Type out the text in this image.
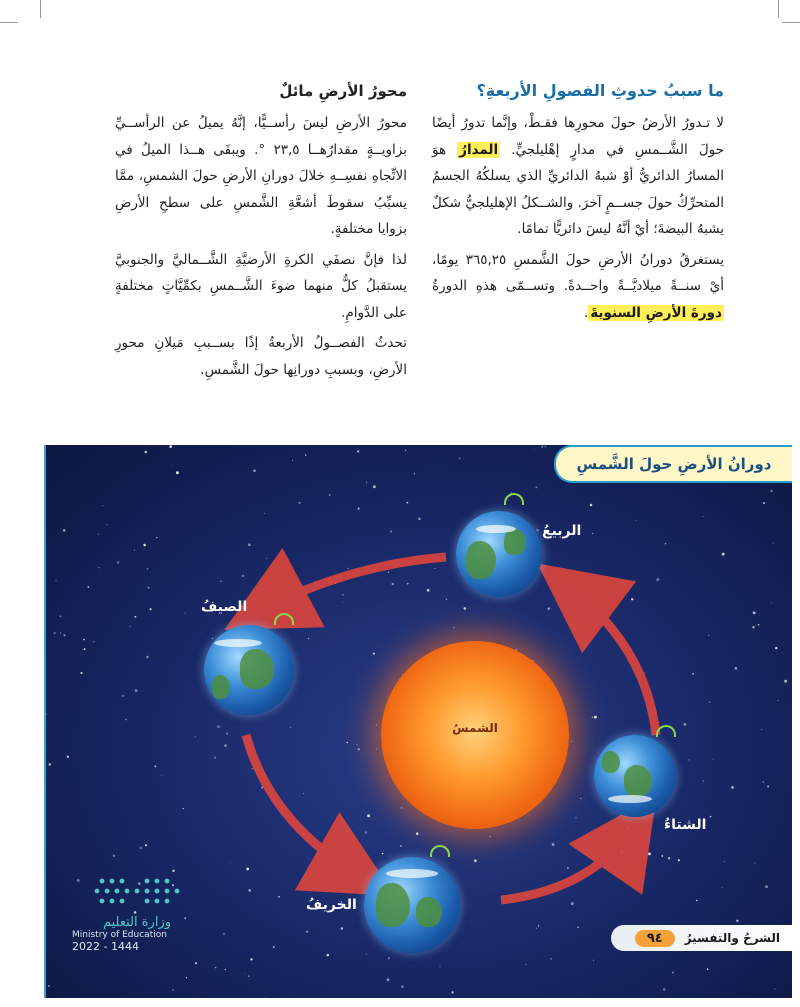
ما سببُ حدوثِ الفصولِ الأربعةِ؟

لا تـدورُ الأرضُ حولَ محورِها فقـطْ، وإنَّما تدورُ أيضًا حولَ الشَّــمسِ في مدارٍ إهْليلجيٍّ. المدارُ هوَ المسارُ الدائريُّ أوْ شبهُ الدائريِّ الذي يسلكُهُ الجسمُ المتحرِّكُ حولَ جســمٍ آخرَ. والشــكلُ الإهليلجيُّ شكلٌ يشبهُ البيضةَ؛ أيْ أنَّهُ ليسَ دائريًّا تمامًا.

يستغرقُ دورانُ الأرضِ حولَ الشَّمسِ ٣٦٥,٢٥ يومًا، أيْ سنــةً ميلاديَّــةً واحــدةً. وتســمّى هذهِ الدورةُ دورةَ الأرضِ السنويةَ.

محورُ الأرضِ مائلٌ

محورُ الأرضِ ليسَ رأســيًّا، إنَّهُ يميلُ عن الرأســيِّ بزاويــةٍ مقدارُهــا ٢٣,٥ °. ويبقَى هــذا الميلُ في الاتِّجاهِ نفسِــهِ خلالَ دورانِ الأرضِ حولَ الشمسِ، ممَّا يسبِّبُ سقوطَ أشعَّةِ الشَّمسِ على سطحِ الأرضِ بزوايا مختلفةٍ.

لذا فإنَّ نصفَي الكرةِ الأرضيَّةِ الشَّــماليَّ والجنوبيَّ يستقبلُ كلٌّ منهما ضوءَ الشَّــمسِ بكمِّيَّاتٍ مختلفةٍ على الدَّوامِ.

تحدثُ الفصــولُ الأربعةُ إذًا بســببِ مَيلانِ محورِ الأرضِ، وبسببِ دورانِها حولَ الشَّمسِ.

دورانُ الأرضِ حولَ الشَّمسِ
الشمسُ
الربيعُ
الصيفُ
الخريفُ
الشتاءُ
وزارة التعليم
Ministry of Education
2022 - 1444
الشرحُ والتفسيرُ
٩٤
